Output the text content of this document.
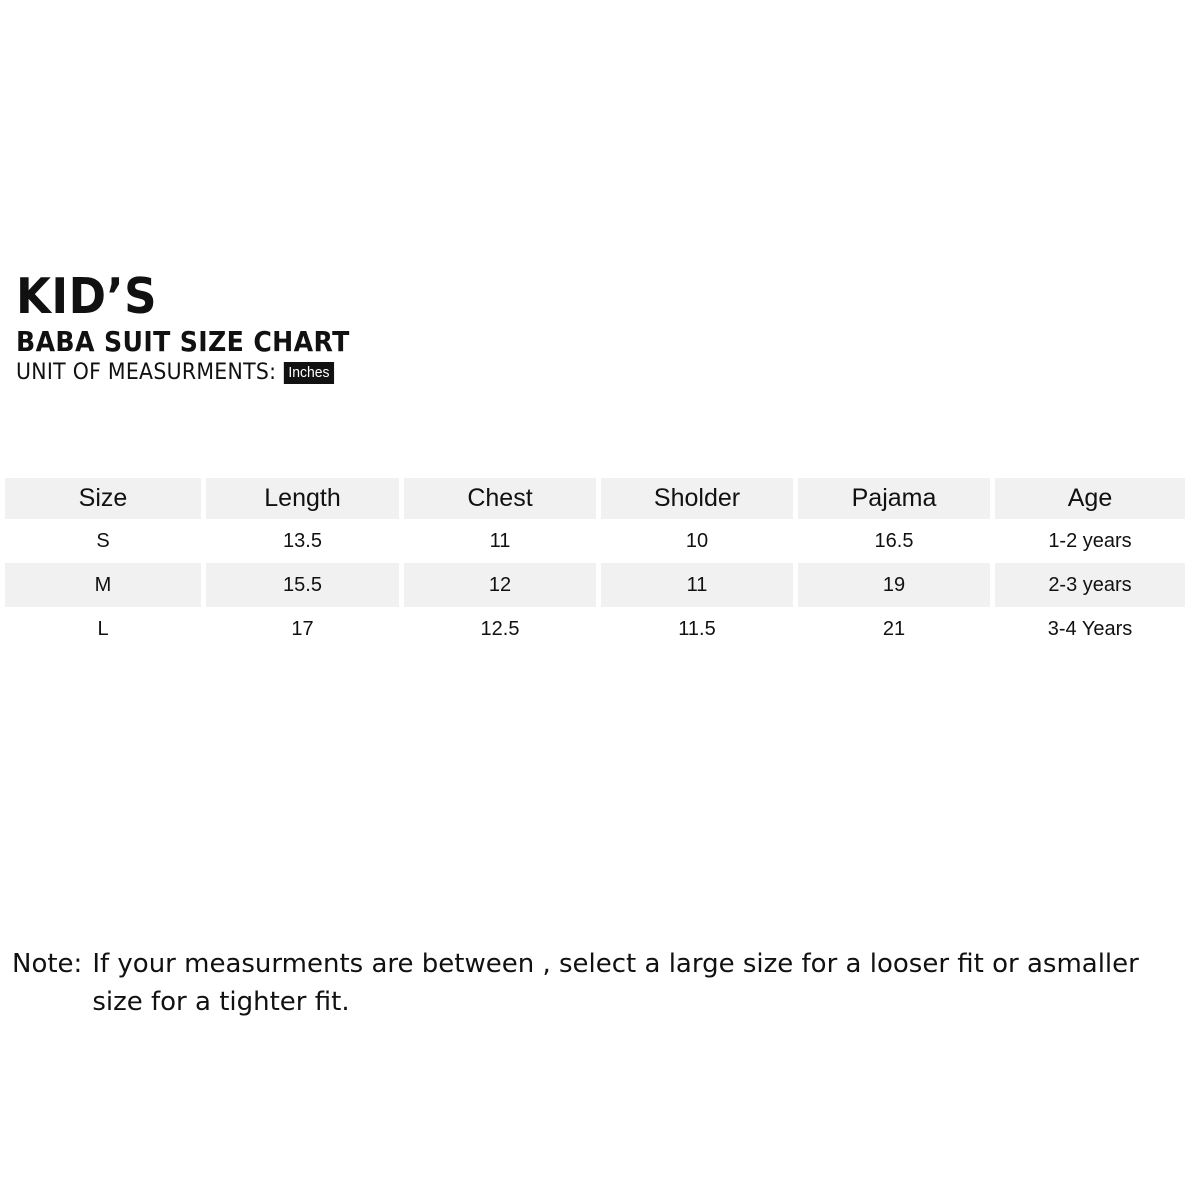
KID’S
BABA SUIT SIZE CHART
UNIT OF MEASURMENTS: Inches
Size	Length	Chest	Sholder	Pajama	Age
S	13.5	11	10	16.5	1-2 years
M	15.5	12	11	19	2-3 years
L	17	12.5	11.5	21	3-4 Years
Note: If your measurments are between , select a large size for a looser fit or asmaller size for a tighter fit.
